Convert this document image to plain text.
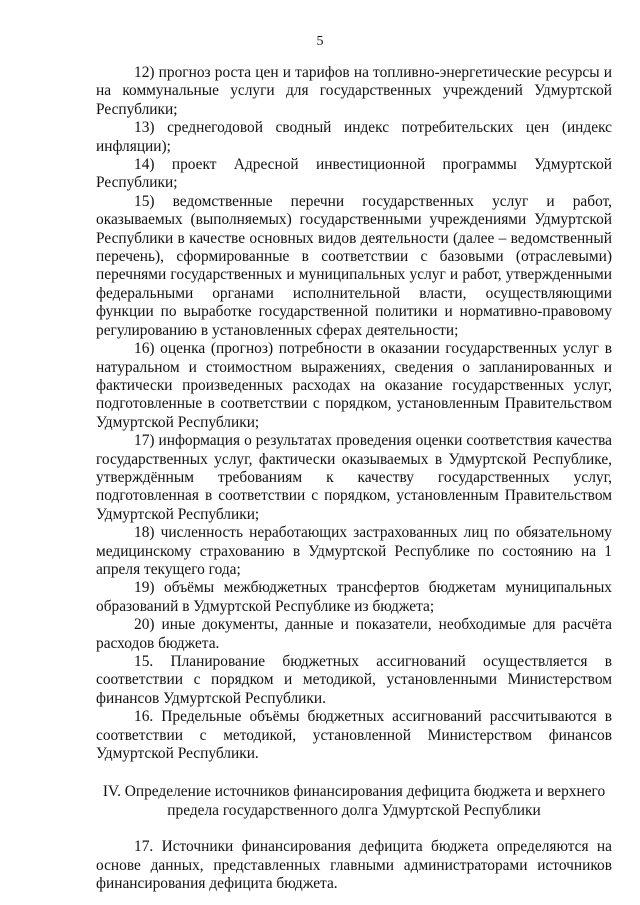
5

12) прогноз роста цен и тарифов на топливно-энергетические ресурсы и на коммунальные услуги для государственных учреждений Удмуртской Республики;

13) среднегодовой сводный индекс потребительских цен (индекс инфляции);

14) проект Адресной инвестиционной программы Удмуртской Республики;

15) ведомственные перечни государственных услуг и работ, оказываемых (выполняемых) государственными учреждениями Удмуртской Республики в качестве основных видов деятельности (далее – ведомственный перечень), сформированные в соответствии с базовыми (отраслевыми) перечнями государственных и муниципальных услуг и работ, утвержденными федеральными органами исполнительной власти, осуществляющими функции по выработке государственной политики и нормативно-правовому регулированию в установленных сферах деятельности;

16) оценка (прогноз) потребности в оказании государственных услуг в натуральном и стоимостном выражениях, сведения о запланированных и фактически произведенных расходах на оказание государственных услуг, подготовленные в соответствии с порядком, установленным Правительством Удмуртской Республики;

17) информация о результатах проведения оценки соответствия качества государственных услуг, фактически оказываемых в Удмуртской Республике, утверждённым требованиям к качеству государственных услуг, подготовленная в соответствии с порядком, установленным Правительством Удмуртской Республики;

18) численность неработающих застрахованных лиц по обязательному медицинскому страхованию в Удмуртской Республике по состоянию на 1 апреля текущего года;

19) объёмы межбюджетных трансфертов бюджетам муниципальных образований в Удмуртской Республике из бюджета;

20) иные документы, данные и показатели, необходимые для расчёта расходов бюджета.

15. Планирование бюджетных ассигнований осуществляется в соответствии с порядком и методикой, установленными Министерством финансов Удмуртской Республики.

16. Предельные объёмы бюджетных ассигнований рассчитываются в соответствии с методикой, установленной Министерством финансов Удмуртской Республики.

IV. Определение источников финансирования дефицита бюджета и верхнего
предела государственного долга Удмуртской Республики

17. Источники финансирования дефицита бюджета определяются на основе данных, представленных главными администраторами источников финансирования дефицита бюджета.
